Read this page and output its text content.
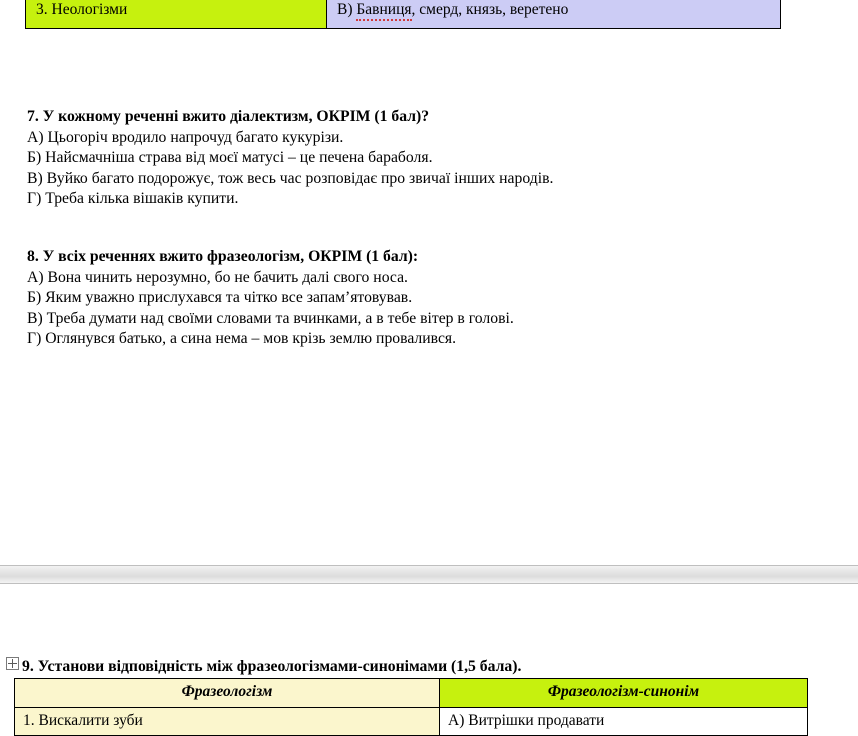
3. Неологізми	В) Бавниця, смерд, князь, веретено

7. У кожному реченні вжито діалектизм, ОКРІМ (1 бал)?

А) Цьогоріч вродило напрочуд багато кукурізи.

Б) Найсмачніша страва від моєї матусі – це печена бараболя.

В) Вуйко багато подорожує, тож весь час розповідає про звичаї інших народів.

Г) Треба кілька вішаків купити.

8. У всіх реченнях вжито фразеологізм, ОКРІМ (1 бал):

А) Вона чинить нерозумно, бо не бачить далі свого носа.

Б) Яким уважно прислухався та чітко все запам’ятовував.

В) Треба думати над своїми словами та вчинками, а в тебе вітер в голові.

Г) Оглянувся батько, а сина нема – мов крізь землю провалився.

9. Установи відповідність між фразеологізмами-синонімами (1,5 бала).
Фразеологізм	Фразеологізм-синонім
1. Вискалити зуби	А) Витрішки продавати
